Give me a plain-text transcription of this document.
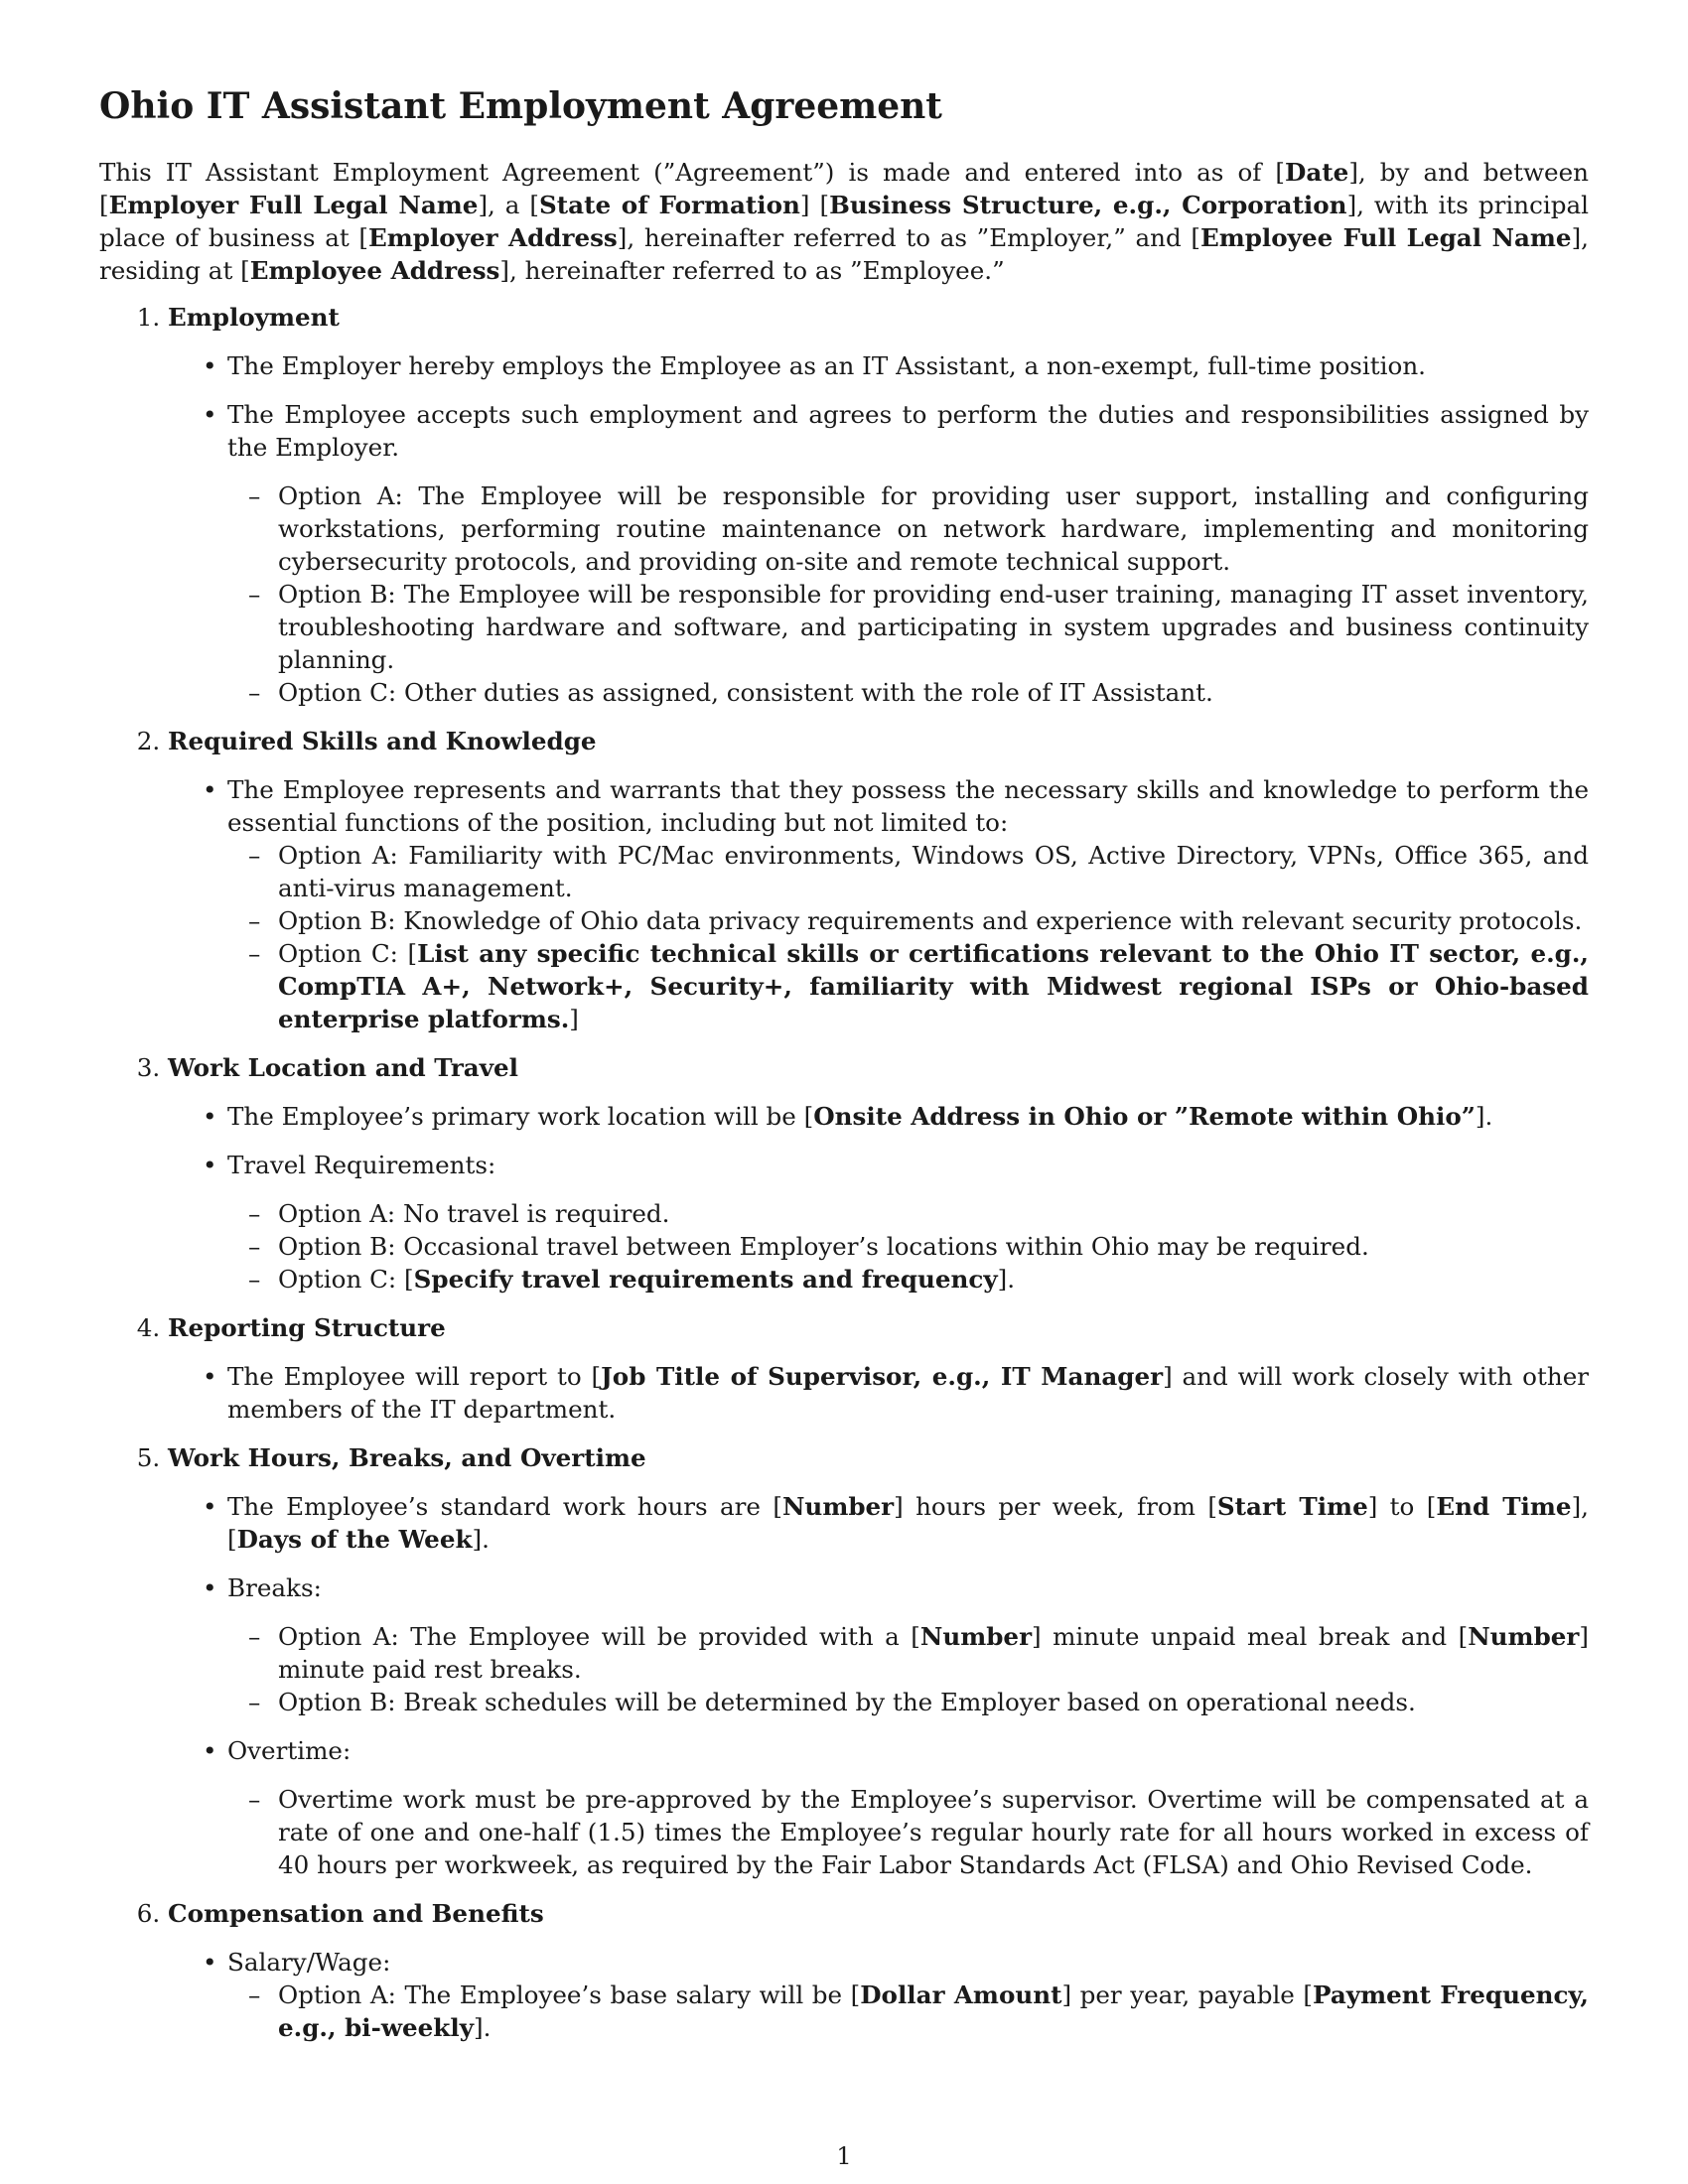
Ohio IT Assistant Employment Agreement

This IT Assistant Employment Agreement (”Agreement”) is made and entered into as of [Date], by and between [Employer Full Legal Name], a [State of Formation] [Business Structure, e.g., Corporation], with its principal place of business at [Employer Address], hereinafter referred to as ”Employer,” and [Employee Full Legal Name], residing at [Employee Address], hereinafter referred to as ”Employee.”

1. Employment
• The Employer hereby employs the Employee as an IT Assistant, a non-exempt, full-time position.
• The Employee accepts such employment and agrees to perform the duties and responsibilities assigned by the Employer.
– Option A: The Employee will be responsible for providing user support, installing and configuring workstations, performing routine maintenance on network hardware, implementing and monitoring cybersecurity protocols, and providing on-site and remote technical support.
– Option B: The Employee will be responsible for providing end-user training, managing IT asset inventory, troubleshooting hardware and software, and participating in system upgrades and business continuity planning.
– Option C: Other duties as assigned, consistent with the role of IT Assistant.
2. Required Skills and Knowledge
• The Employee represents and warrants that they possess the necessary skills and knowledge to perform the essential functions of the position, including but not limited to:
– Option A: Familiarity with PC/Mac environments, Windows OS, Active Directory, VPNs, Office 365, and anti-virus management.
– Option B: Knowledge of Ohio data privacy requirements and experience with relevant security protocols.
– Option C: [List any specific technical skills or certifications relevant to the Ohio IT sector, e.g., CompTIA A+, Network+, Security+, familiarity with Midwest regional ISPs or Ohio-based enterprise platforms.]
3. Work Location and Travel
• The Employee’s primary work location will be [Onsite Address in Ohio or ”Remote within Ohio”].
• Travel Requirements:
– Option A: No travel is required.
– Option B: Occasional travel between Employer’s locations within Ohio may be required.
– Option C: [Specify travel requirements and frequency].
4. Reporting Structure
• The Employee will report to [Job Title of Supervisor, e.g., IT Manager] and will work closely with other members of the IT department.
5. Work Hours, Breaks, and Overtime
• The Employee’s standard work hours are [Number] hours per week, from [Start Time] to [End Time], [Days of the Week].
• Breaks:
– Option A: The Employee will be provided with a [Number] minute unpaid meal break and [Number] minute paid rest breaks.
– Option B: Break schedules will be determined by the Employer based on operational needs.
• Overtime:
– Overtime work must be pre-approved by the Employee’s supervisor. Overtime will be compensated at a rate of one and one-half (1.5) times the Employee’s regular hourly rate for all hours worked in excess of 40 hours per workweek, as required by the Fair Labor Standards Act (FLSA) and Ohio Revised Code.
6. Compensation and Benefits
• Salary/Wage:
– Option A: The Employee’s base salary will be [Dollar Amount] per year, payable [Payment Frequency, e.g., bi-weekly].
1
